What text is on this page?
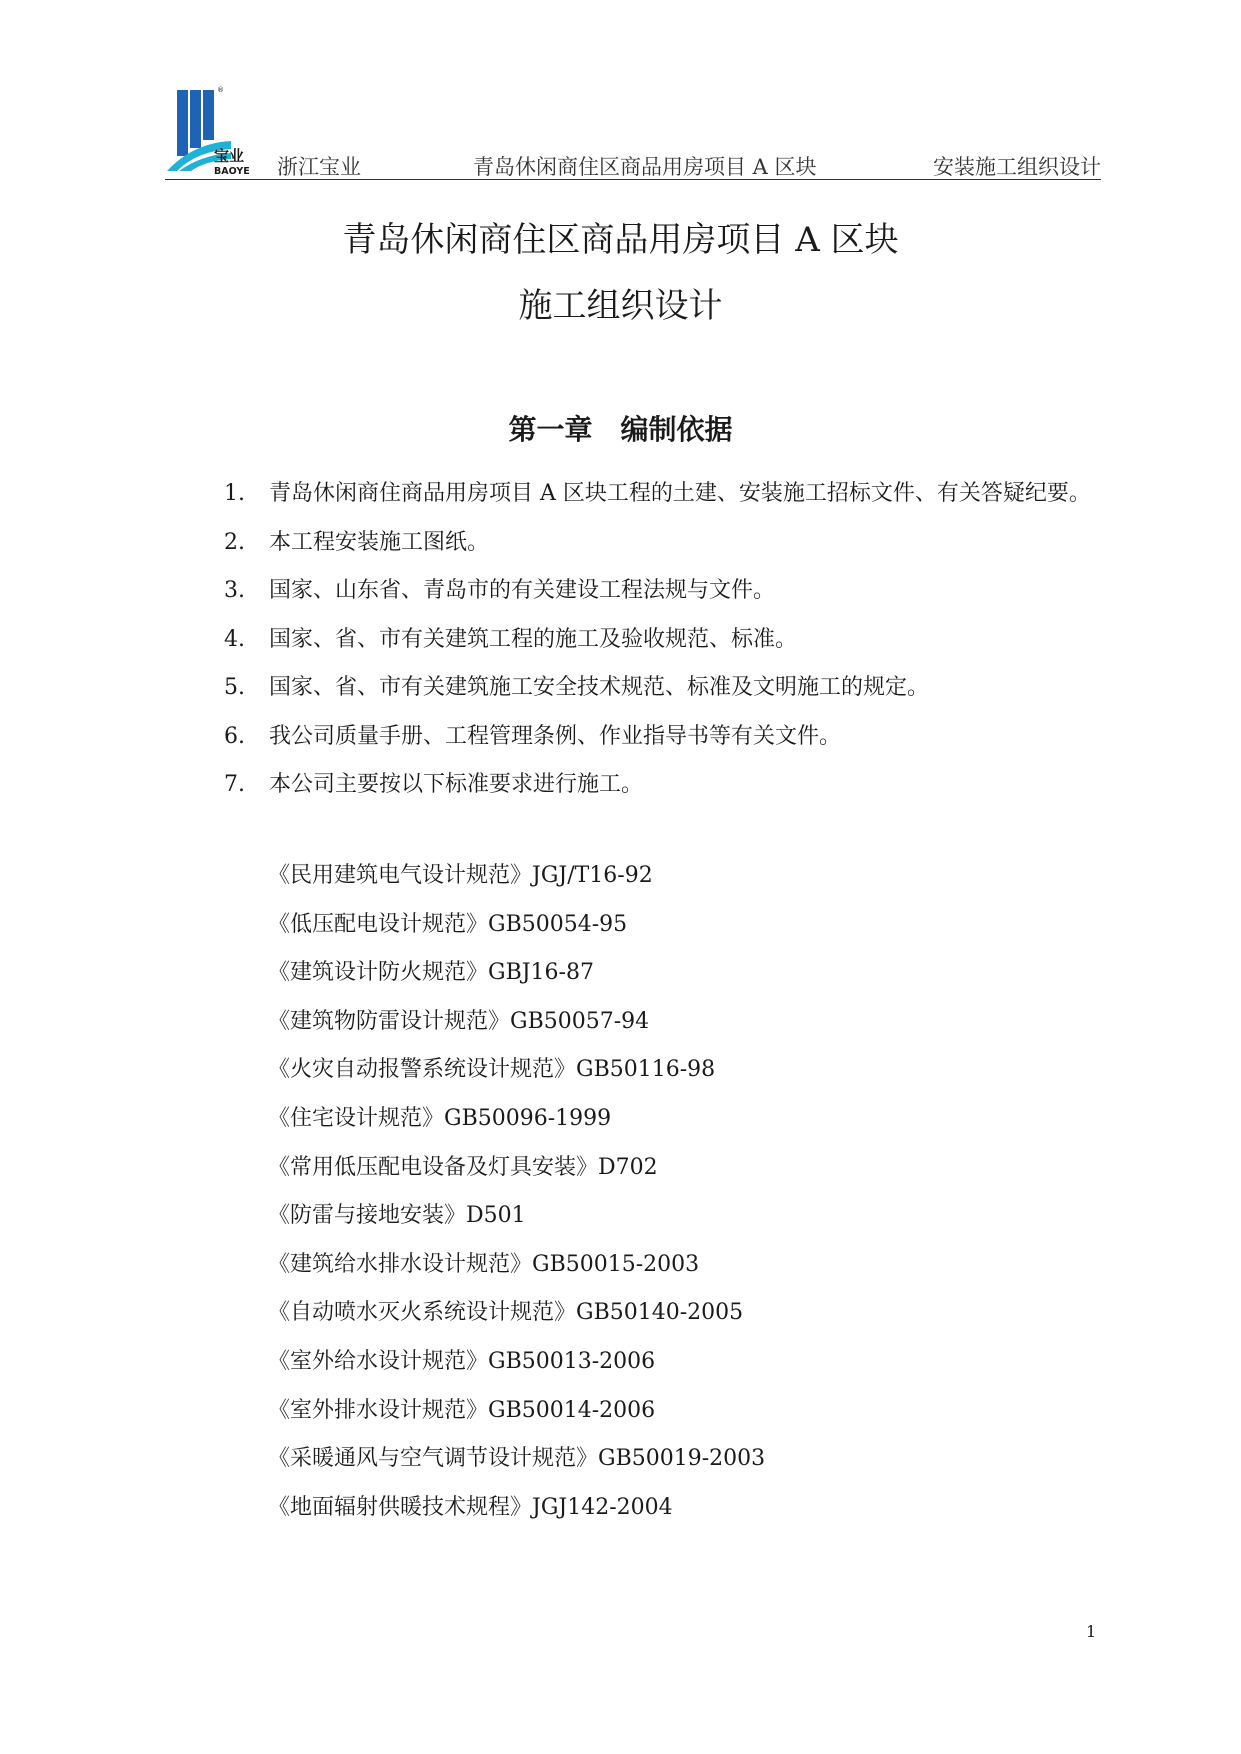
®
宝业
BAOYE 浙江宝业	青岛休闲商住区商品用房项目 A 区块	安装施工组织设计
青岛休闲商住区商品用房项目 A 区块
施工组织设计
第一章　编制依据
1. 青岛休闲商住商品用房项目 A 区块工程的土建、安装施工招标文件、有关答疑纪要。
2. 本工程安装施工图纸。
3. 国家、山东省、青岛市的有关建设工程法规与文件。
4. 国家、省、市有关建筑工程的施工及验收规范、标准。
5. 国家、省、市有关建筑施工安全技术规范、标准及文明施工的规定。
6. 我公司质量手册、工程管理条例、作业指导书等有关文件。
7. 本公司主要按以下标准要求进行施工。
《民用建筑电气设计规范》JGJ/T16-92
《低压配电设计规范》GB50054-95
《建筑设计防火规范》GBJ16-87
《建筑物防雷设计规范》GB50057-94
《火灾自动报警系统设计规范》GB50116-98
《住宅设计规范》GB50096-1999
《常用低压配电设备及灯具安装》D702
《防雷与接地安装》D501
《建筑给水排水设计规范》GB50015-2003
《自动喷水灭火系统设计规范》GB50140-2005
《室外给水设计规范》GB50013-2006
《室外排水设计规范》GB50014-2006
《采暖通风与空气调节设计规范》GB50019-2003
《地面辐射供暖技术规程》JGJ142-2004
1
